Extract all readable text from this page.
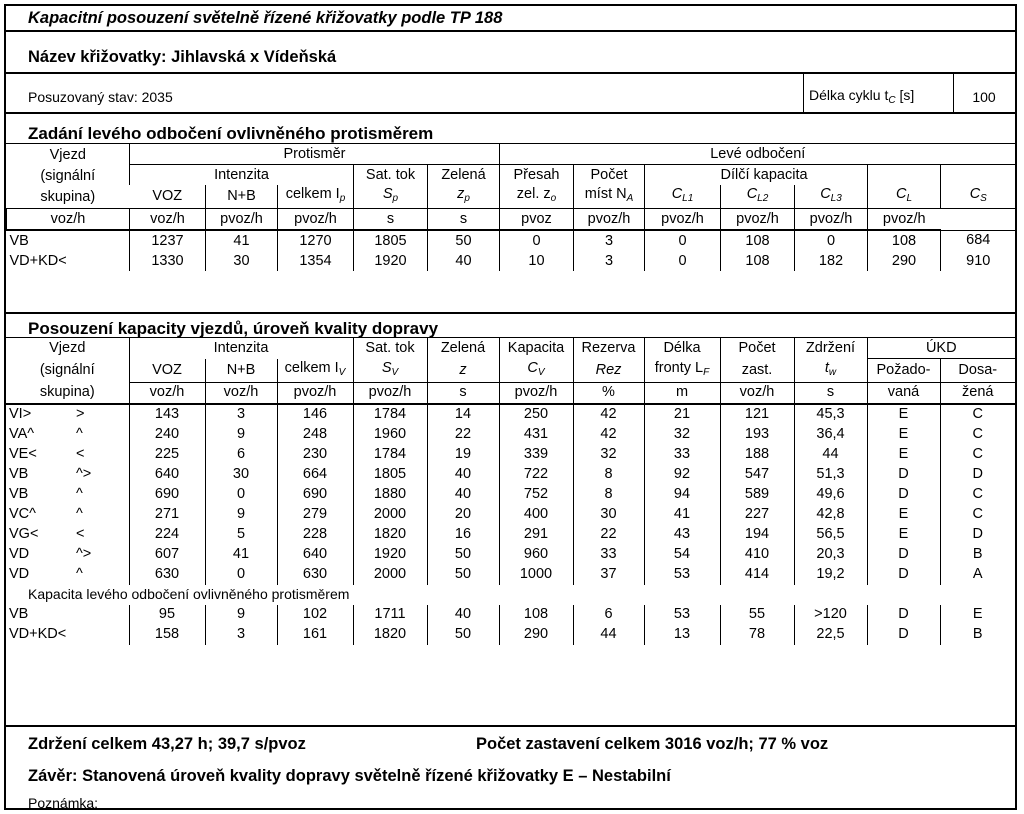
Kapacitní posouzení světelně řízené křižovatky podle TP 188
Název křižovatky: Jihlavská x Vídeňská
Posuzovaný stav: 2035	Délka cyklu $t_C$ [s]	100
Zadání levého odbočení ovlivněného protisměrem
Vjezd
(signální
skupina)	Protisměr					Levé odbočení						
		Intenzita		Sat. tok	Zelená	Přesah	Počet		Dílčí kapacita			
	VOZ	N+B	celkem $I_p$	$S_p$	$z_p$	zel. $z_o$	míst $N_A$	$C_{L1}$	$C_{L2}$	$C_{L3}$	$C_L$	$C_S$
voz/h	voz/h	pvoz/h	pvoz/h	s	s	pvoz	pvoz/h	pvoz/h	pvoz/h	pvoz/h	pvoz/h	
VB	1237	41	1270	1805	50	0	3	0	108	0	108	684
VD+KD<	1330	30	1354	1920	40	10	3	0	108	182	290	910
Posouzení kapacity vjezdů, úroveň kvality dopravy
Vjezd		Intenzita		Sat. tok	Zelená	Kapacita	Rezerva	Délka	Počet	Zdržení	ÚKD	
(signální	VOZ	N+B	celkem $I_V$	$S_V$	z	$C_V$	Rez	fronty $L_F$	zast.	$t_w$	Požado-	Dosa-
skupina)	voz/h	voz/h	pvoz/h	pvoz/h	s	pvoz/h	%	m	voz/h	s	vaná	žená
VI> >	143	3	146	1784	14	250	42	21	121	45,3	E	C
VA^ ^	240	9	248	1960	22	431	42	32	193	36,4	E	C
VE< <	225	6	230	1784	19	339	32	33	188	44	E	C
VB ^>	640	30	664	1805	40	722	8	92	547	51,3	D	D
VB ^	690	0	690	1880	40	752	8	94	589	49,6	D	C
VC^ ^	271	9	279	2000	20	400	30	41	227	42,8	E	C
VG< <	224	5	228	1820	16	291	22	43	194	56,5	E	D
VD ^>	607	41	640	1920	50	960	33	54	410	20,3	D	B
VD ^	630	0	630	2000	50	1000	37	53	414	19,2	D	A
Kapacita levého odbočení ovlivněného protisměrem												
VB	95	9	102	1711	40	108	6	53	55	>120	D	E
VD+KD<	158	3	161	1820	50	290	44	13	78	22,5	D	B
Zdržení celkem 43,27 h; 39,7 s/pvoz	Počet zastavení celkem 3016 voz/h; 77 % voz
Závěr: Stanovená úroveň kvality dopravy světelně řízené křižovatky E – Nestabilní
Poznámka:
